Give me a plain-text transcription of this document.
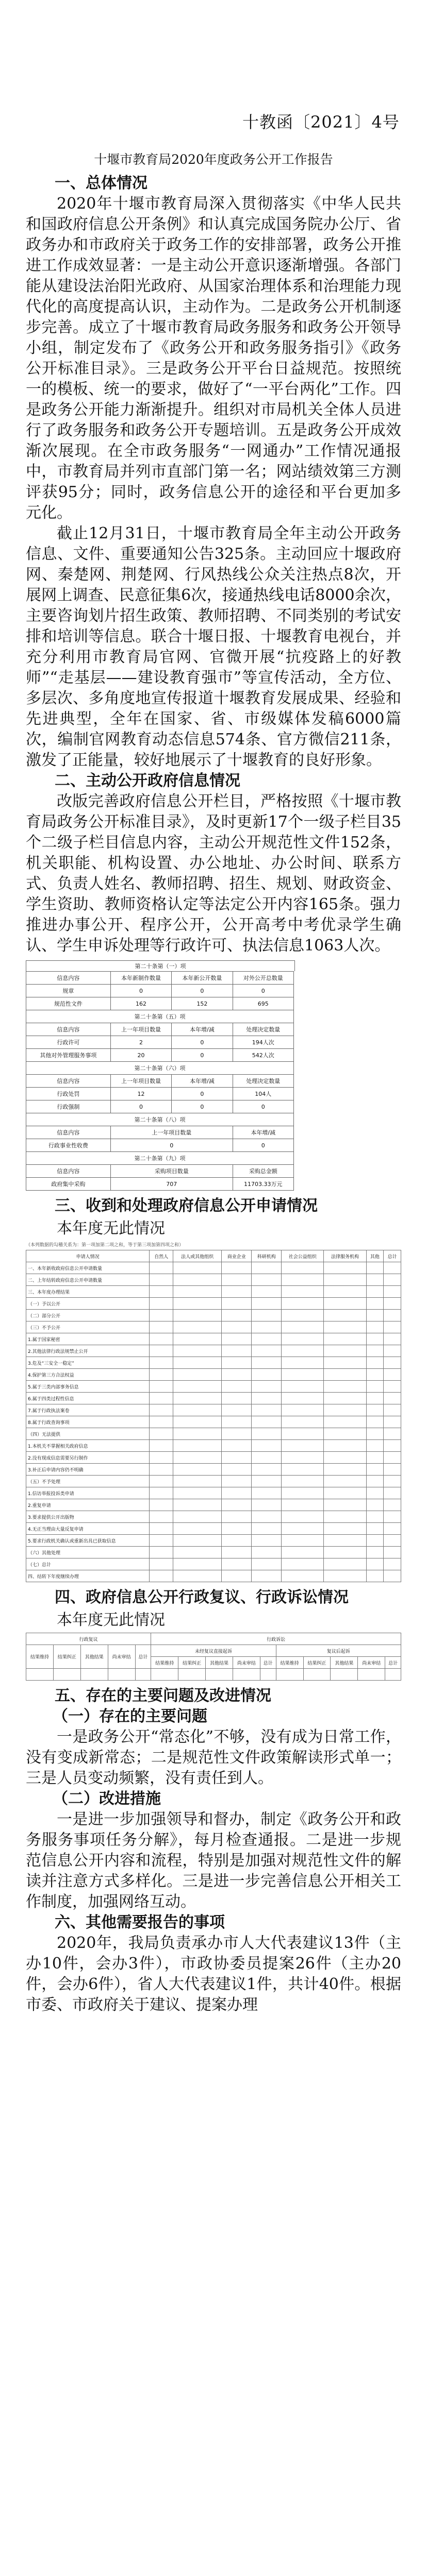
十教函〔2021〕4号
十堰市教育局2020年度政务公开工作报告

一、总体情况

2020年十堰市教育局深入贯彻落实《中华人民共和国政府信息公开条例》和认真完成国务院办公厅、省政务办和市政府关于政务工作的安排部署，政务公开推进工作成效显著：一是主动公开意识逐渐增强。各部门能从建设法治阳光政府、从国家治理体系和治理能力现代化的高度提高认识，主动作为。二是政务公开机制逐步完善。成立了十堰市教育局政务服务和政务公开领导小组，制定发布了《政务公开和政务服务指引》《政务公开标准目录》。三是政务公开平台日益规范。按照统一的模板、统一的要求，做好了“一平台两化”工作。四是政务公开能力渐渐提升。组织对市局机关全体人员进行了政务服务和政务公开专题培训。五是政务公开成效渐次展现。在全市政务服务“一网通办”工作情况通报中，市教育局并列市直部门第一名；网站绩效第三方测评获95分；同时，政务信息公开的途径和平台更加多元化。

截止12月31日，十堰市教育局全年主动公开政务信息、文件、重要通知公告325条。主动回应十堰政府网、秦楚网、荆楚网、行风热线公众关注热点8次，开展网上调查、民意征集6次，接通热线电话8000余次，主要咨询划片招生政策、教师招聘、不同类别的考试安排和培训等信息。联合十堰日报、十堰教育电视台，并充分利用市教育局官网、官微开展“抗疫路上的好教师”“走基层——建设教育强市”等宣传活动，全方位、多层次、多角度地宣传报道十堰教育发展成果、经验和先进典型，全年在国家、省、市级媒体发稿6000篇次，编制官网教育动态信息574条、官方微信211条，激发了正能量，较好地展示了十堰教育的良好形象。

二、主动公开政府信息情况

改版完善政府信息公开栏目，严格按照《十堰市教育局政务公开标准目录》，及时更新17个一级子栏目35个二级子栏目信息内容，主动公开规范性文件152条，机关职能、机构设置、办公地址、办公时间、联系方式、负责人姓名、教师招聘、招生、规划、财政资金、学生资助、教师资格认定等法定公开内容165条。强力推进办事公开、程序公开，公开高考中考优录学生确认、学生申诉处理等行政许可、执法信息1063人次。

第二十条第（一）项
信息内容	本年新制作数量	本年新公开数量	对外公开总数量
规章	0	0	0
规范性文件	162	152	695
第二十条第（五）项			
信息内容	上一年项目数量	本年增/减	处理决定数量
行政许可	2	0	194人次
其他对外管理服务事项	20	0	542人次
第二十条第（六）项			
信息内容	上一年项目数量	本年增/减	处理决定数量
行政处罚	12	0	104人
行政强制	0	0	0
第二十条第（八）项			
信息内容	上一年项目数量		本年增/减
行政事业性收费	0		0
第二十条第（九）项			
信息内容	采购项目数量		采购总金额
政府集中采购	707		11703.33万元

三、收到和处理政府信息公开申请情况

本年度无此情况
（本列数据的勾稽关系为：第一项加第二项之和，等于第三项加第四项之和）
申请人情况	自然人	法人或其他组织	商业企业	科研机构	社会公益组织	法律服务机构	其他	总计
一、本年新收政府信息公开申请数量								
二、上年结转政府信息公开申请数量								
三、本年度办理结果								
（一）予以公开								
（二）部分公开								
（三）不予公开								
1.属于国家秘密								
2.其他法律行政法规禁止公开								
3.危及“三安全一稳定”								
4.保护第三方合法权益								
5.属于三类内部事务信息								
6.属于四类过程性信息								
7.属于行政执法案卷								
8.属于行政查询事项								
（四）无法提供								
1.本机关不掌握相关政府信息								
2.没有现成信息需要另行制作								
3.补正后申请内容仍不明确								
（五）不予处理								
1.信访举报投诉类申请								
2.重复申请								
3.要求提供公开出版物								
4.无正当理由大量反复申请								
5.要求行政机关确认或重新出具已获取信息								
（六）其他处理								
（七）总计								
四、结转下年度继续办理								

四、政府信息公开行政复议、行政诉讼情况

本年度无此情况
行政复议					行政诉讼									
结果维持	结果纠正	其他结果	尚未审结	总计	未经复议直接起诉					复议后起诉				
					结果维持	结果纠正	其他结果	尚未审结	总计	结果维持	结果纠正	其他结果	尚未审结	总计

五、存在的主要问题及改进情况

（一）存在的主要问题

一是政务公开“常态化”不够，没有成为日常工作，没有变成新常态；二是规范性文件政策解读形式单一；三是人员变动频繁，没有责任到人。

（二）改进措施

一是进一步加强领导和督办，制定《政务公开和政务服务事项任务分解》，每月检查通报。二是进一步规范信息公开内容和流程，特别是加强对规范性文件的解读并注意方式多样化。三是进一步完善信息公开相关工作制度，加强网络互动。

六、其他需要报告的事项

2020年，我局负责承办市人大代表建议13件（主办10件，会办3件），市政协委员提案26件（主办20件，会办6件），省人大代表建议1件，共计40件。根据市委、市政府关于建议、提案办理
